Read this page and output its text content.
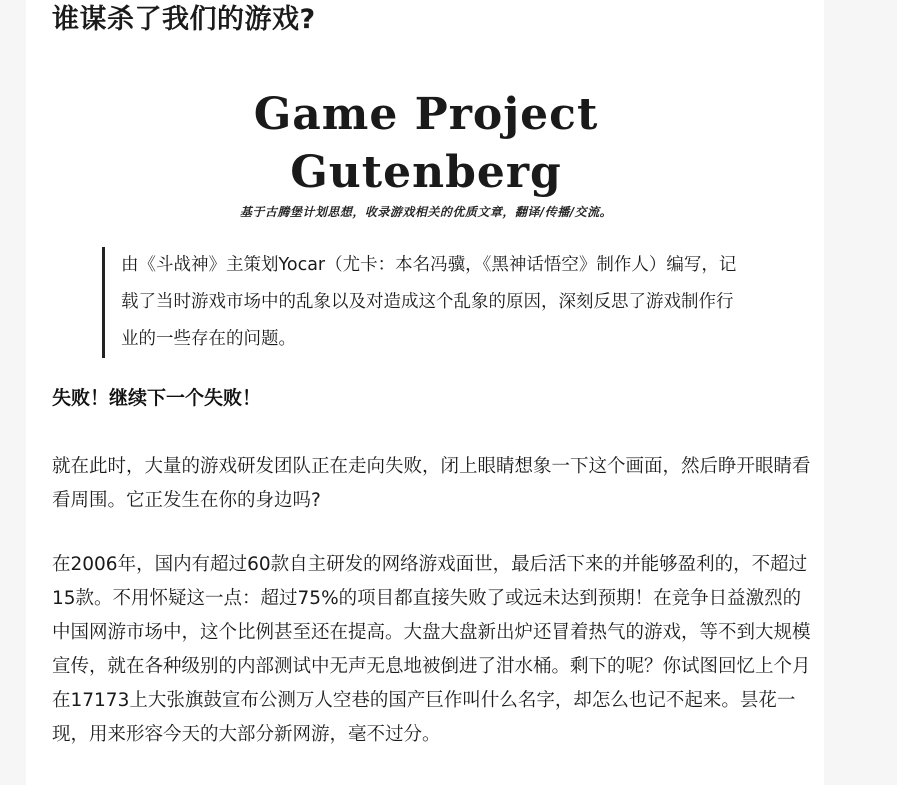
谁谋杀了我们的游戏?
Game Project Gutenberg
基于古腾堡计划思想，收录游戏相关的优质文章，翻译/传播/交流。
由《斗战神》主策划Yocar（尤卡：本名冯骥，《黑神话悟空》制作人）编写，记载了当时游戏市场中的乱象以及对造成这个乱象的原因，深刻反思了游戏制作行业的一些存在的问题。
失败！继续下一个失败！

就在此时，大量的游戏研发团队正在走向失败，闭上眼睛想象一下这个画面，然后睁开眼睛看看周围。它正发生在你的身边吗?

在2006年，国内有超过60款自主研发的网络游戏面世，最后活下来的并能够盈利的，不超过15款。不用怀疑这一点：超过75%的项目都直接失败了或远未达到预期！在竞争日益激烈的中国网游市场中，这个比例甚至还在提高。大盘大盘新出炉还冒着热气的游戏，等不到大规模宣传，就在各种级别的内部测试中无声无息地被倒进了泔水桶。剩下的呢？你试图回忆上个月在17173上大张旗鼓宣布公测万人空巷的国产巨作叫什么名字，却怎么也记不起来。昙花一现，用来形容今天的大部分新网游，毫不过分。
